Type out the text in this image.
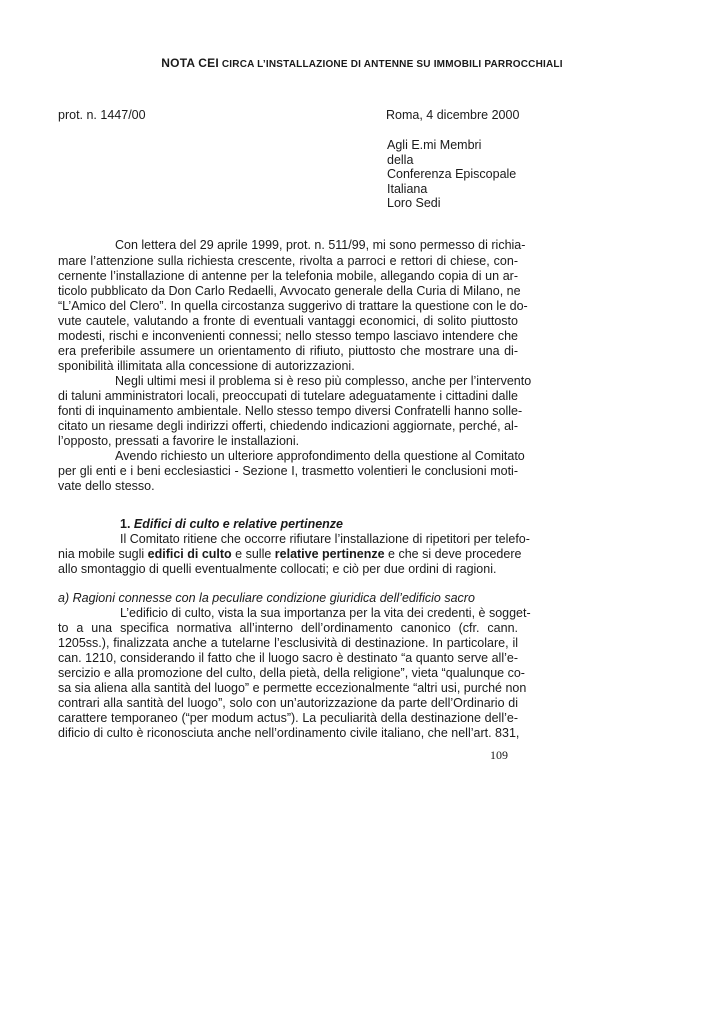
NOTA CEI CIRCA L’INSTALLAZIONE DI ANTENNE SU IMMOBILI PARROCCHIALI
prot. n. 1447/00	Roma, 4 dicembre 2000
Agli E.mi Membri
della
Conferenza Episcopale
Italiana
Loro Sedi
Con lettera del 29 aprile 1999, prot. n. 511/99, mi sono permesso di richia-
mare l’attenzione sulla richiesta crescente, rivolta a parroci e rettori di chiese, con-
cernente l’installazione di antenne per la telefonia mobile, allegando copia di un ar-
ticolo pubblicato da Don Carlo Redaelli, Avvocato generale della Curia di Milano, ne
“L’Amico del Clero”. In quella circostanza suggerivo di trattare la questione con le do-
vute cautele, valutando a fronte di eventuali vantaggi economici, di solito piuttosto
modesti, rischi e inconvenienti connessi; nello stesso tempo lasciavo intendere che
era preferibile assumere un orientamento di rifiuto, piuttosto che mostrare una di-
sponibilità illimitata alla concessione di autorizzazioni.
Negli ultimi mesi il problema si è reso più complesso, anche per l’intervento
di taluni amministratori locali, preoccupati di tutelare adeguatamente i cittadini dalle
fonti di inquinamento ambientale. Nello stesso tempo diversi Confratelli hanno solle-
citato un riesame degli indirizzi offerti, chiedendo indicazioni aggiornate, perché, al-
l’opposto, pressati a favorire le installazioni.
Avendo richiesto un ulteriore approfondimento della questione al Comitato
per gli enti e i beni ecclesiastici - Sezione I, trasmetto volentieri le conclusioni moti-
vate dello stesso.
1. Edifici di culto e relative pertinenze
Il Comitato ritiene che occorre rifiutare l’installazione di ripetitori per telefo-
nia mobile sugli edifici di culto e sulle relative pertinenze e che si deve procedere
allo smontaggio di quelli eventualmente collocati; e ciò per due ordini di ragioni.
a) Ragioni connesse con la peculiare condizione giuridica dell’edificio sacro
L’edificio di culto, vista la sua importanza per la vita dei credenti, è sogget-
to a una specifica normativa all’interno dell’ordinamento canonico (cfr. cann.
1205ss.), finalizzata anche a tutelarne l’esclusività di destinazione. In particolare, il
can. 1210, considerando il fatto che il luogo sacro è destinato “a quanto serve all’e-
sercizio e alla promozione del culto, della pietà, della religione”, vieta “qualunque co-
sa sia aliena alla santità del luogo” e permette eccezionalmente “altri usi, purché non
contrari alla santità del luogo”, solo con un’autorizzazione da parte dell’Ordinario di
carattere temporaneo (“per modum actus”). La peculiarità della destinazione dell’e-
dificio di culto è riconosciuta anche nell’ordinamento civile italiano, che nell’art. 831,
109
